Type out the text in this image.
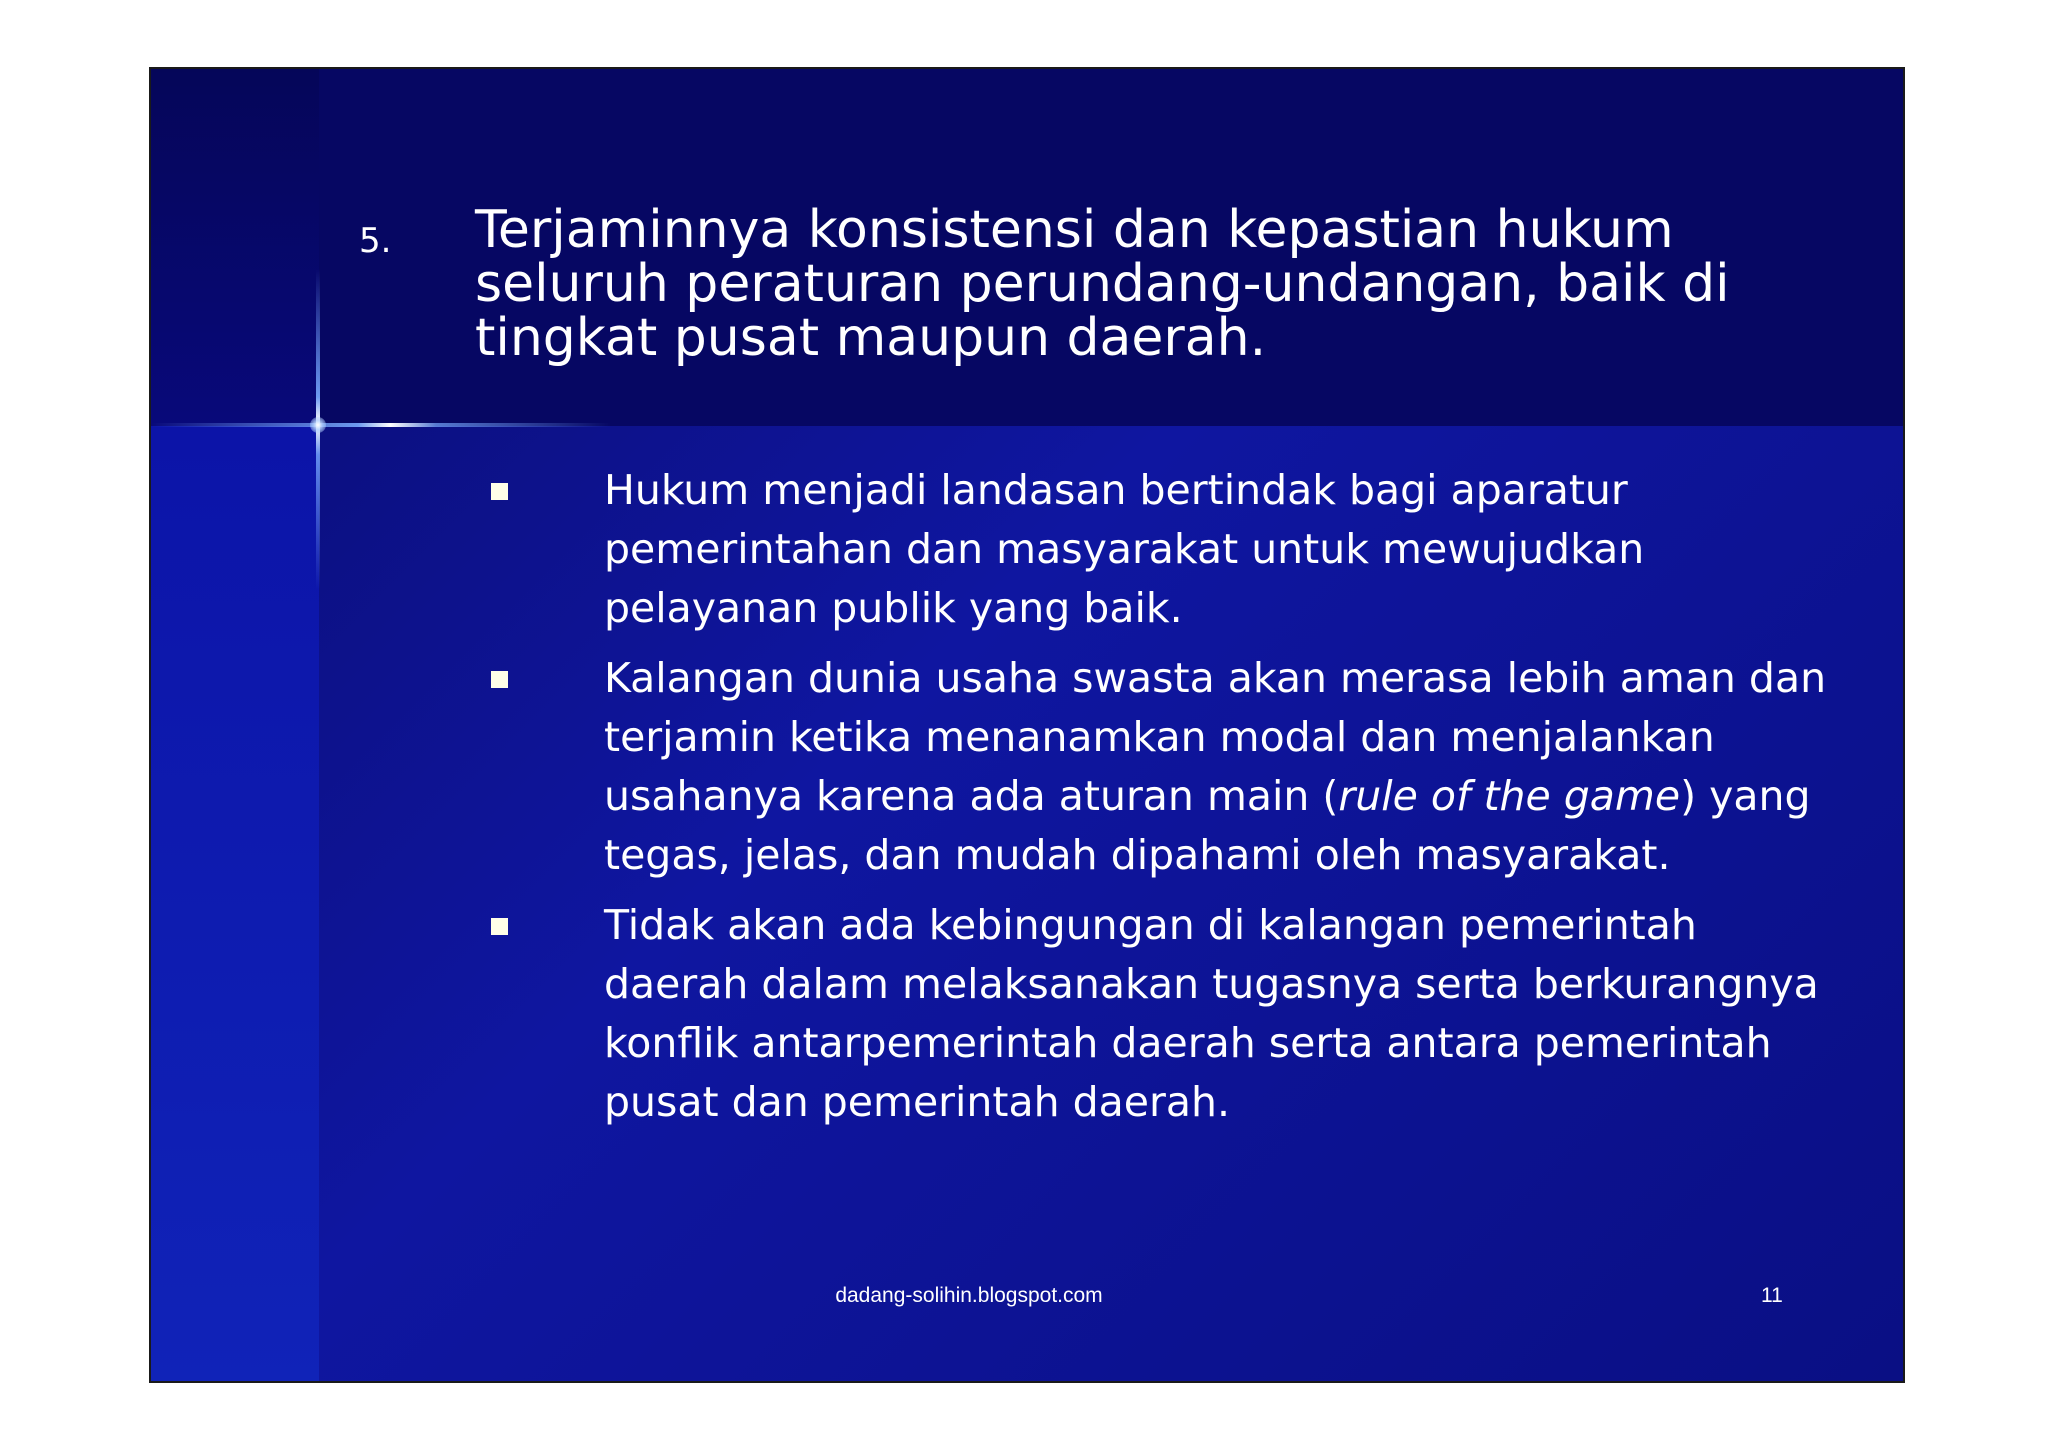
5. Terjaminnya konsistensi dan kepastian hukum seluruh peraturan perundang-undangan, baik di tingkat pusat maupun daerah.
Hukum menjadi landasan bertindak bagi aparatur pemerintahan dan masyarakat untuk mewujudkan pelayanan publik yang baik.
Kalangan dunia usaha swasta akan merasa lebih aman dan terjamin ketika menanamkan modal dan menjalankan usahanya karena ada aturan main (rule of the game) yang tegas, jelas, dan mudah dipahami oleh masyarakat.
Tidak akan ada kebingungan di kalangan pemerintah daerah dalam melaksanakan tugasnya serta berkurangnya konflik antarpemerintah daerah serta antara pemerintah pusat dan pemerintah daerah.
dadang-solihin.blogspot.com	11
